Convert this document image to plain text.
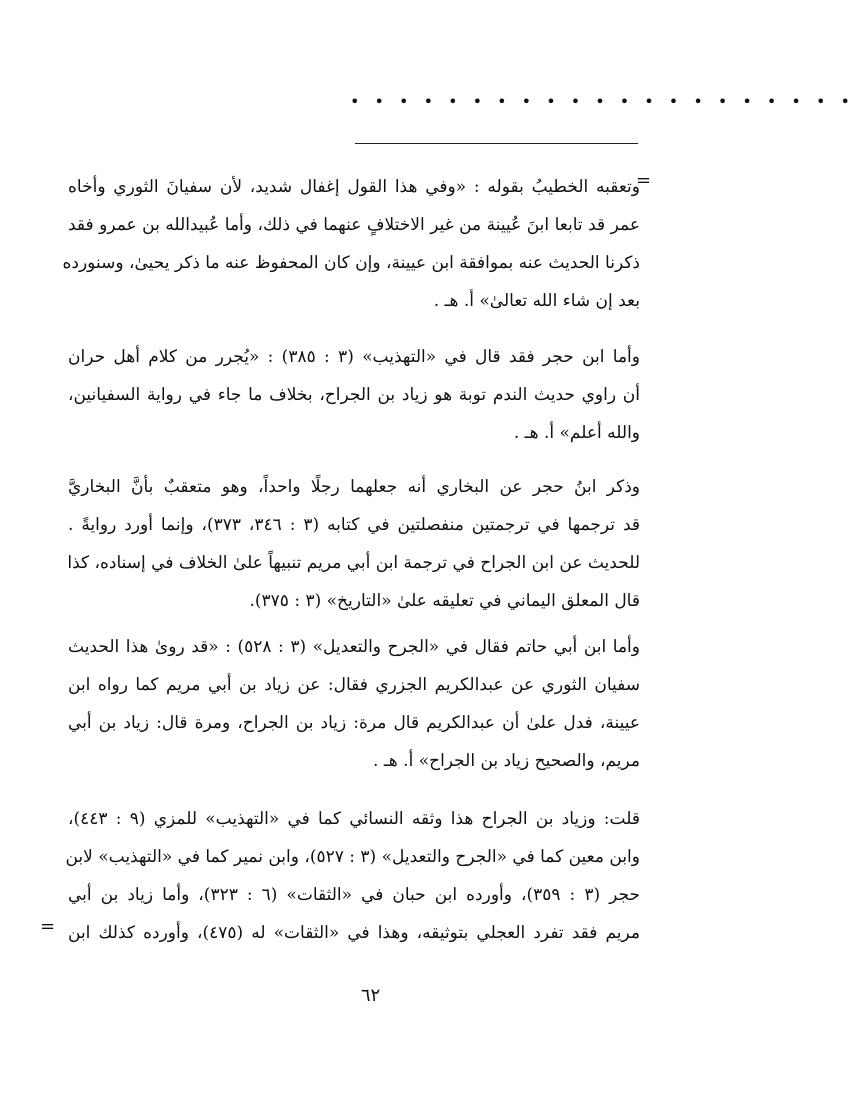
• • • • • • • • • • • • • • • • • • • • •
=
وتعقبه الخطيبُ بقوله : «وفي هذا القول إغفال شديد، لأن سفيانَ الثوري وأخاه
عمر قد تابعا ابنَ عُيينة من غير الاختلافٍ عنهما في ذلك، وأما عُبيدالله بن عمرو فقد
ذكرنا الحديث عنه بموافقة ابن عيينة، وإن كان المحفوظ عنه ما ذكر يحيىٰ، وسنورده
بعد إن شاء الله تعالىٰ» أ. هـ .
وأما ابن حجر فقد قال في «التهذيب» (٣ : ٣٨٥) : «يُجرر من كلام أهل حران
أن راوي حديث الندم توبة هو زياد بن الجراح، بخلاف ما جاء في رواية السفيانين،
والله أعلم» أ. هـ .
وذكر ابنُ حجر عن البخاري أنه جعلهما رجلًا واحداً، وهو متعقبٌ بأنَّ البخاريَّ
قد ترجمها في ترجمتين منفصلتين في كتابه (٣ : ٣٤٦، ٣٧٣)، وإنما أورد روايةً .
للحديث عن ابن الجراح في ترجمة ابن أبي مريم تنبيهاً علىٰ الخلاف في إسناده، كذا
قال المعلق اليماني في تعليقه علىٰ «التاريخ» (٣ : ٣٧٥).
وأما ابن أبي حاتم فقال في «الجرح والتعديل» (٣ : ٥٢٨) : «قد روىٰ هذا الحديث
سفيان الثوري عن عبدالكريم الجزري فقال: عن زياد بن أبي مريم كما رواه ابن
عيينة، فدل علىٰ أن عبدالكريم قال مرة: زياد بن الجراح، ومرة قال: زياد بن أبي
مريم، والصحيح زياد بن الجراح» أ. هـ .
قلت: وزياد بن الجراح هذا وثقه النسائي كما في «التهذيب» للمزي (٩ : ٤٤٣)،
وابن معين كما في «الجرح والتعديل» (٣ : ٥٢٧)، وابن نمير كما في «التهذيب» لابن
حجر (٣ : ٣٥٩)، وأورده ابن حبان في «الثقات» (٦ : ٣٢٣)، وأما زياد بن أبي
مريم فقد تفرد العجلي بتوثيقه، وهذا في «الثقات» له (٤٧٥)، وأورده كذلك ابن
=
٦٢
